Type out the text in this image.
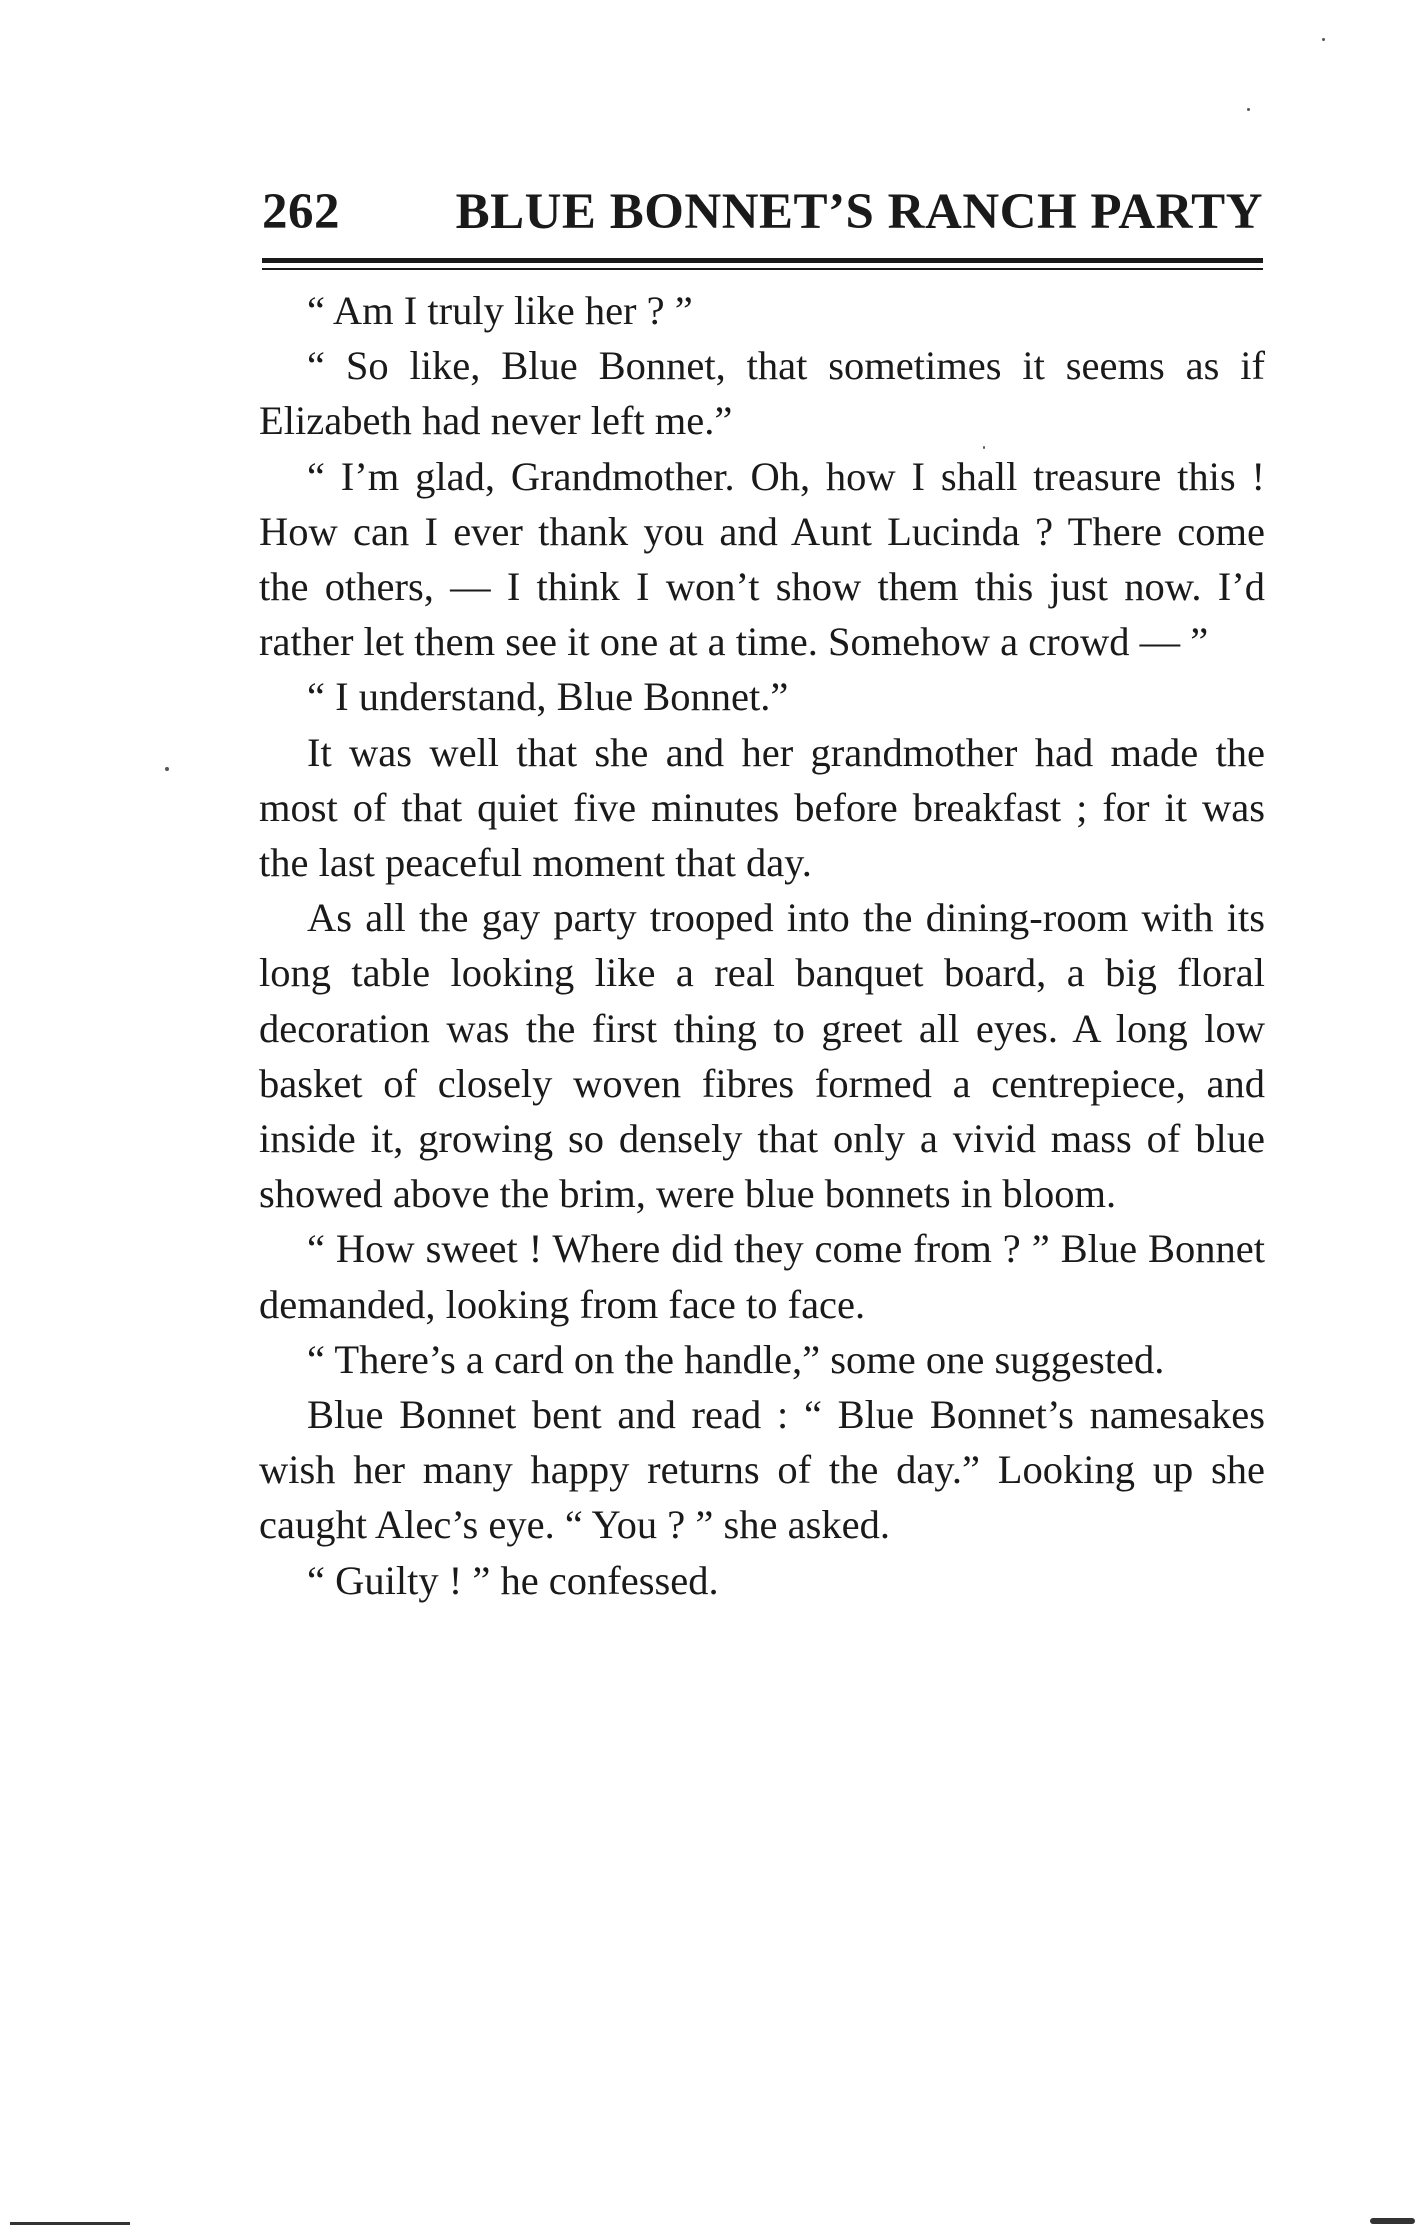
262	BLUE BONNET’S RANCH PARTY

“ Am I truly like her ? ”

“ So like, Blue Bonnet, that sometimes it seems as if Elizabeth had never left me.”

“ I’m glad, Grandmother. Oh, how I shall treasure this ! How can I ever thank you and Aunt Lucinda ? There come the others, — I think I won’t show them this just now. I’d rather let them see it one at a time. Somehow a crowd — ”

“ I understand, Blue Bonnet.”

It was well that she and her grandmother had made the most of that quiet five minutes before breakfast ; for it was the last peaceful moment that day.

As all the gay party trooped into the dining-room with its long table looking like a real banquet board, a big floral decoration was the first thing to greet all eyes. A long low basket of closely woven fibres formed a centrepiece, and inside it, growing so densely that only a vivid mass of blue showed above the brim, were blue bonnets in bloom.

“ How sweet ! Where did they come from ? ” Blue Bonnet demanded, looking from face to face.

“ There’s a card on the handle,” some one suggested.

Blue Bonnet bent and read : “ Blue Bonnet’s namesakes wish her many happy returns of the day.” Looking up she caught Alec’s eye. “ You ? ” she asked.

“ Guilty ! ” he confessed.
